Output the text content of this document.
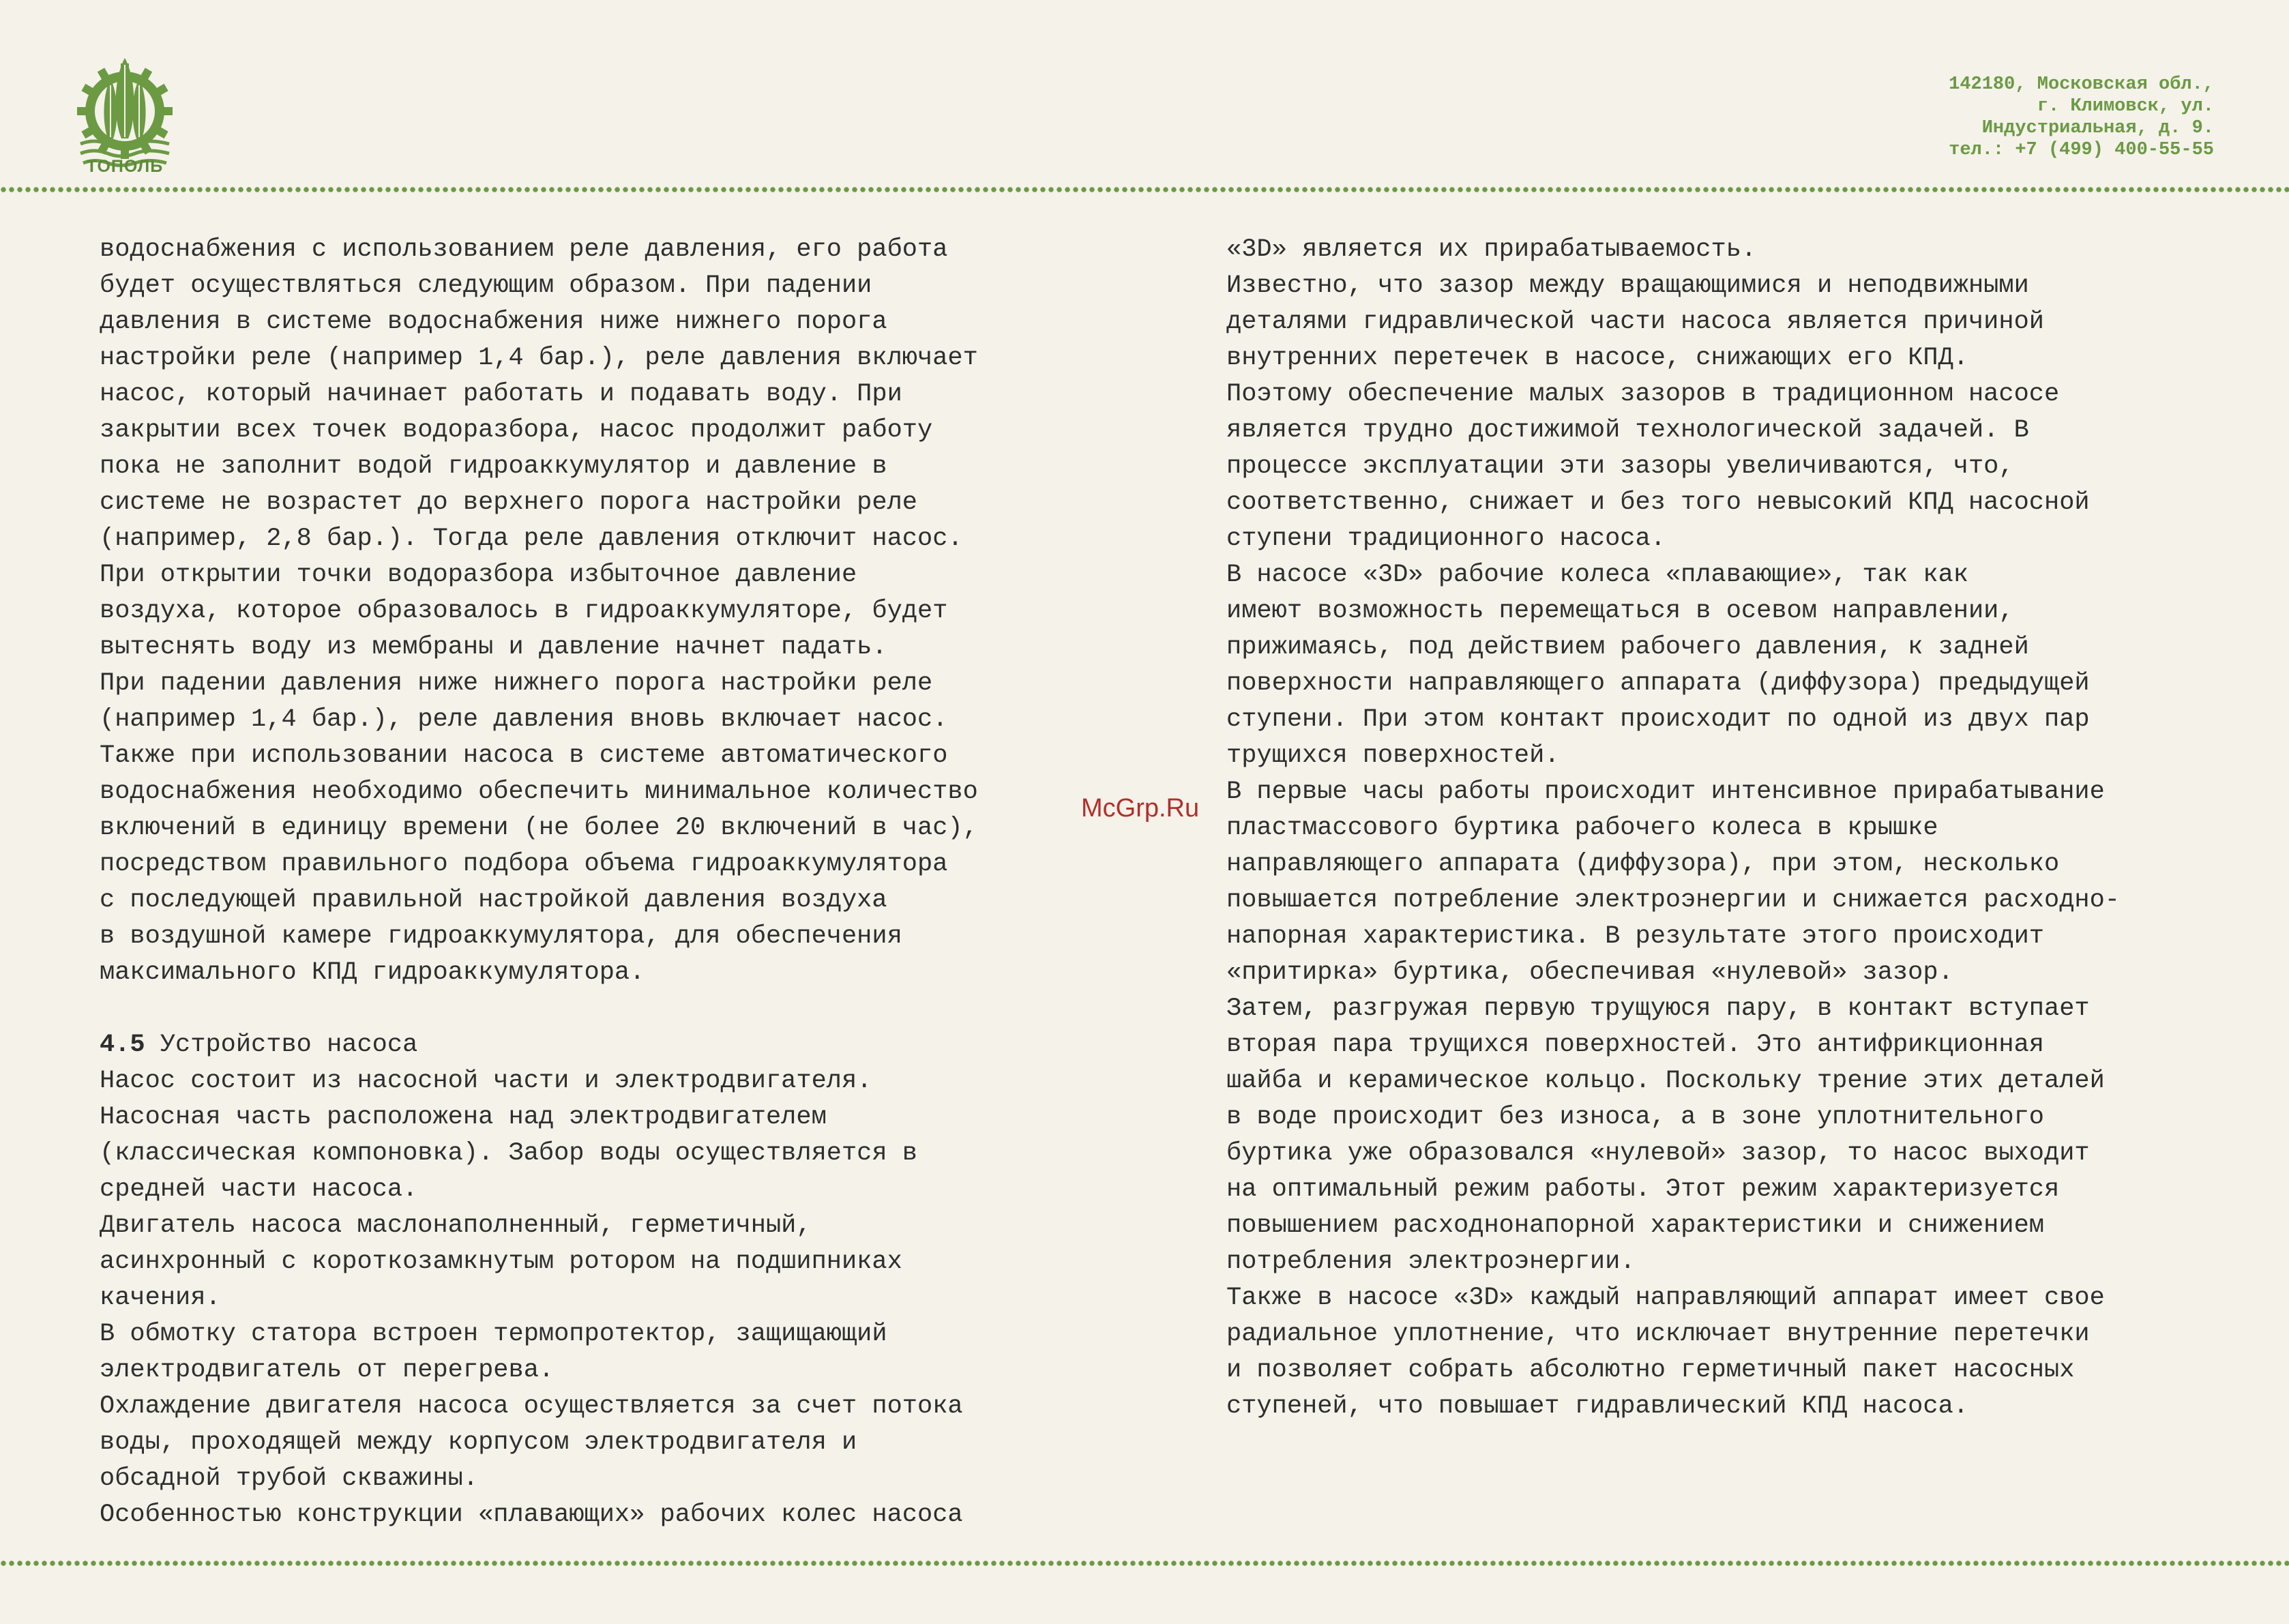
ТОПОЛЬ
142180, Московская обл.,
г. Климовск, ул.
Индустриальная, д. 9.
тел.: +7 (499) 400-55-55
водоснабжения с использованием реле давления, его работа
будет осуществляться следующим образом. При падении
давления в системе водоснабжения ниже нижнего порога
настройки реле (например 1,4 бар.), реле давления включает
насос, который начинает работать и подавать воду. При
закрытии всех точек водоразбора, насос продолжит работу
пока не заполнит водой гидроаккумулятор и давление в
системе не возрастет до верхнего порога настройки реле
(например, 2,8 бар.). Тогда реле давления отключит насос.
При открытии точки водоразбора избыточное давление
воздуха, которое образовалось в гидроаккумуляторе, будет
вытеснять воду из мембраны и давление начнет падать.
При падении давления ниже нижнего порога настройки реле
(например 1,4 бар.), реле давления вновь включает насос.
Также при использовании насоса в системе автоматического
водоснабжения необходимо обеспечить минимальное количество
включений в единицу времени (не более 20 включений в час),
посредством правильного подбора объема гидроаккумулятора
с последующей правильной настройкой давления воздуха
в воздушной камере гидроаккумулятора, для обеспечения
максимального КПД гидроаккумулятора.
4.5 Устройство насоса
Насос состоит из насосной части и электродвигателя.
Насосная часть расположена над электродвигателем
(классическая компоновка). Забор воды осуществляется в
средней части насоса.
Двигатель насоса маслонаполненный, герметичный,
асинхронный с короткозамкнутым ротором на подшипниках
качения.
В обмотку статора встроен термопротектор, защищающий
электродвигатель от перегрева.
Охлаждение двигателя насоса осуществляется за счет потока
воды, проходящей между корпусом электродвигателя и
обсадной трубой скважины.
Особенностью конструкции «плавающих» рабочих колес насоса
McGrp.Ru
«3D» является их прирабатываемость.
Известно, что зазор между вращающимися и неподвижными
деталями гидравлической части насоса является причиной
внутренних перетечек в насосе, снижающих его КПД.
Поэтому обеспечение малых зазоров в традиционном насосе
является трудно достижимой технологической задачей. В
процессе эксплуатации эти зазоры увеличиваются, что,
соответственно, снижает и без того невысокий КПД насосной
ступени традиционного насоса.
В насосе «3D» рабочие колеса «плавающие», так как
имеют возможность перемещаться в осевом направлении,
прижимаясь, под действием рабочего давления, к задней
поверхности направляющего аппарата (диффузора) предыдущей
ступени. При этом контакт происходит по одной из двух пар
трущихся поверхностей.
В первые часы работы происходит интенсивное прирабатывание
пластмассового буртика рабочего колеса в крышке
направляющего аппарата (диффузора), при этом, несколько
повышается потребление электроэнергии и снижается расходно-
напорная характеристика. В результате этого происходит
«притирка» буртика, обеспечивая «нулевой» зазор.
Затем, разгружая первую трущуюся пару, в контакт вступает
вторая пара трущихся поверхностей. Это антифрикционная
шайба и керамическое кольцо. Поскольку трение этих деталей
в воде происходит без износа, а в зоне уплотнительного
буртика уже образовался «нулевой» зазор, то насос выходит
на оптимальный режим работы. Этот режим характеризуется
повышением расходнонапорной характеристики и снижением
потребления электроэнергии.
Также в насосе «3D» каждый направляющий аппарат имеет свое
радиальное уплотнение, что исключает внутренние перетечки
и позволяет собрать абсолютно герметичный пакет насосных
ступеней, что повышает гидравлический КПД насоса.
